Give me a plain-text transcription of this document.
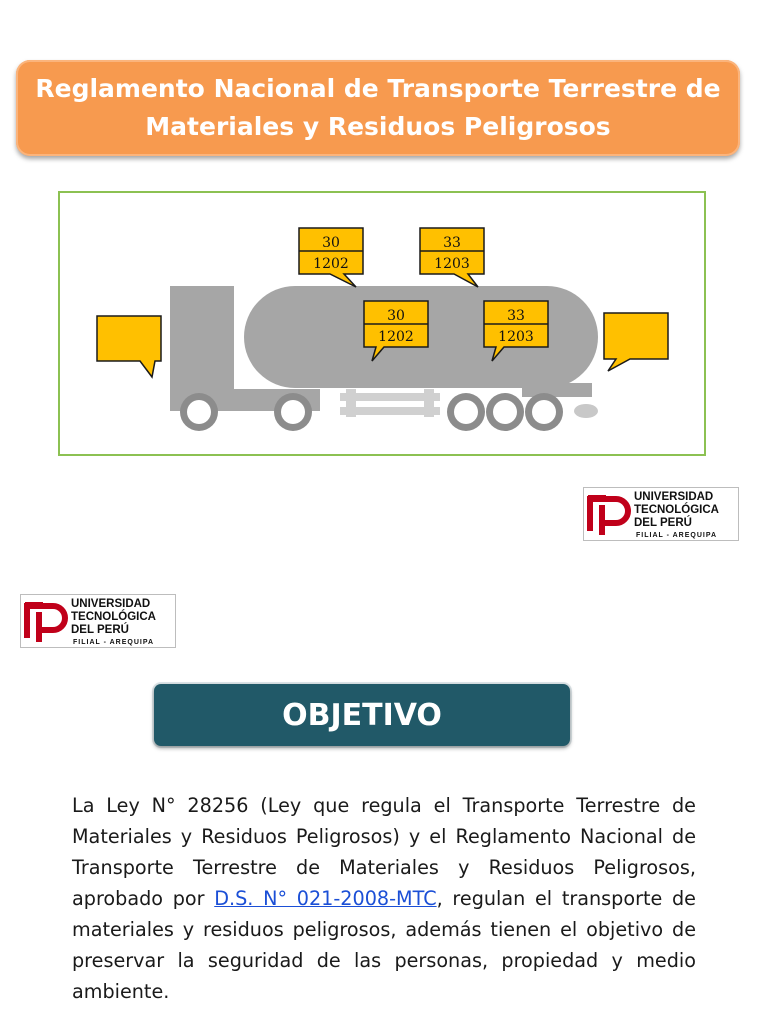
Reglamento Nacional de Transporte Terrestre de Materiales y Residuos Peligrosos
30
1202
33
1203
30
1202
33
1203
UNIVERSIDAD
TECNOLÓGICA
DEL PERÚ
FILIAL - AREQUIPA
UNIVERSIDAD
TECNOLÓGICA
DEL PERÚ
FILIAL - AREQUIPA
OBJETIVO

La Ley N° 28256 (Ley que regula el Transporte Terrestre de Materiales y Residuos Peligrosos) y el Reglamento Nacional de Transporte Terrestre de Materiales y Residuos Peligrosos, aprobado por D.S. N° 021-2008-MTC, regulan el transporte de materiales y residuos peligrosos, además tienen el objetivo de preservar la seguridad de las personas, propiedad y medio ambiente.
